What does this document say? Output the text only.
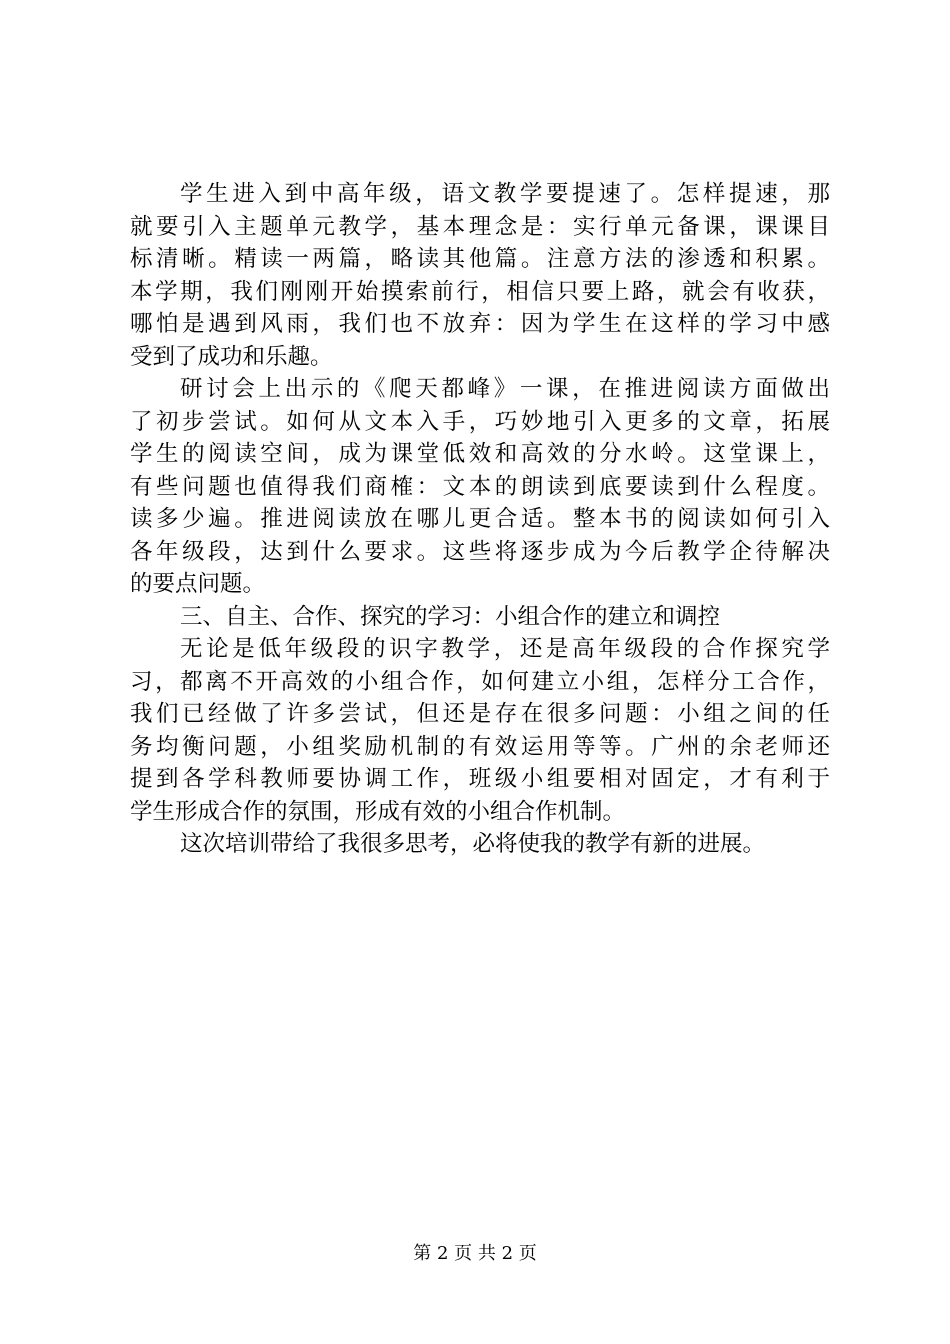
学生进入到中高年级，语文教学要提速了。怎样提速，那
就要引入主题单元教学，基本理念是：实行单元备课，课课目
标清晰。精读一两篇，略读其他篇。注意方法的渗透和积累。
本学期，我们刚刚开始摸索前行，相信只要上路，就会有收获，
哪怕是遇到风雨，我们也不放弃：因为学生在这样的学习中感
受到了成功和乐趣。
研讨会上出示的《爬天都峰》一课，在推进阅读方面做出
了初步尝试。如何从文本入手，巧妙地引入更多的文章，拓展
学生的阅读空间，成为课堂低效和高效的分水岭。这堂课上，
有些问题也值得我们商榷：文本的朗读到底要读到什么程度。
读多少遍。推进阅读放在哪儿更合适。整本书的阅读如何引入
各年级段，达到什么要求。这些将逐步成为今后教学企待解决
的要点问题。
三、自主、合作、探究的学习：小组合作的建立和调控
无论是低年级段的识字教学，还是高年级段的合作探究学
习，都离不开高效的小组合作，如何建立小组，怎样分工合作，
我们已经做了许多尝试，但还是存在很多问题：小组之间的任
务均衡问题，小组奖励机制的有效运用等等。广州的余老师还
提到各学科教师要协调工作，班级小组要相对固定，才有利于
学生形成合作的氛围，形成有效的小组合作机制。
这次培训带给了我很多思考，必将使我的教学有新的进展。
第 2 页 共 2 页
